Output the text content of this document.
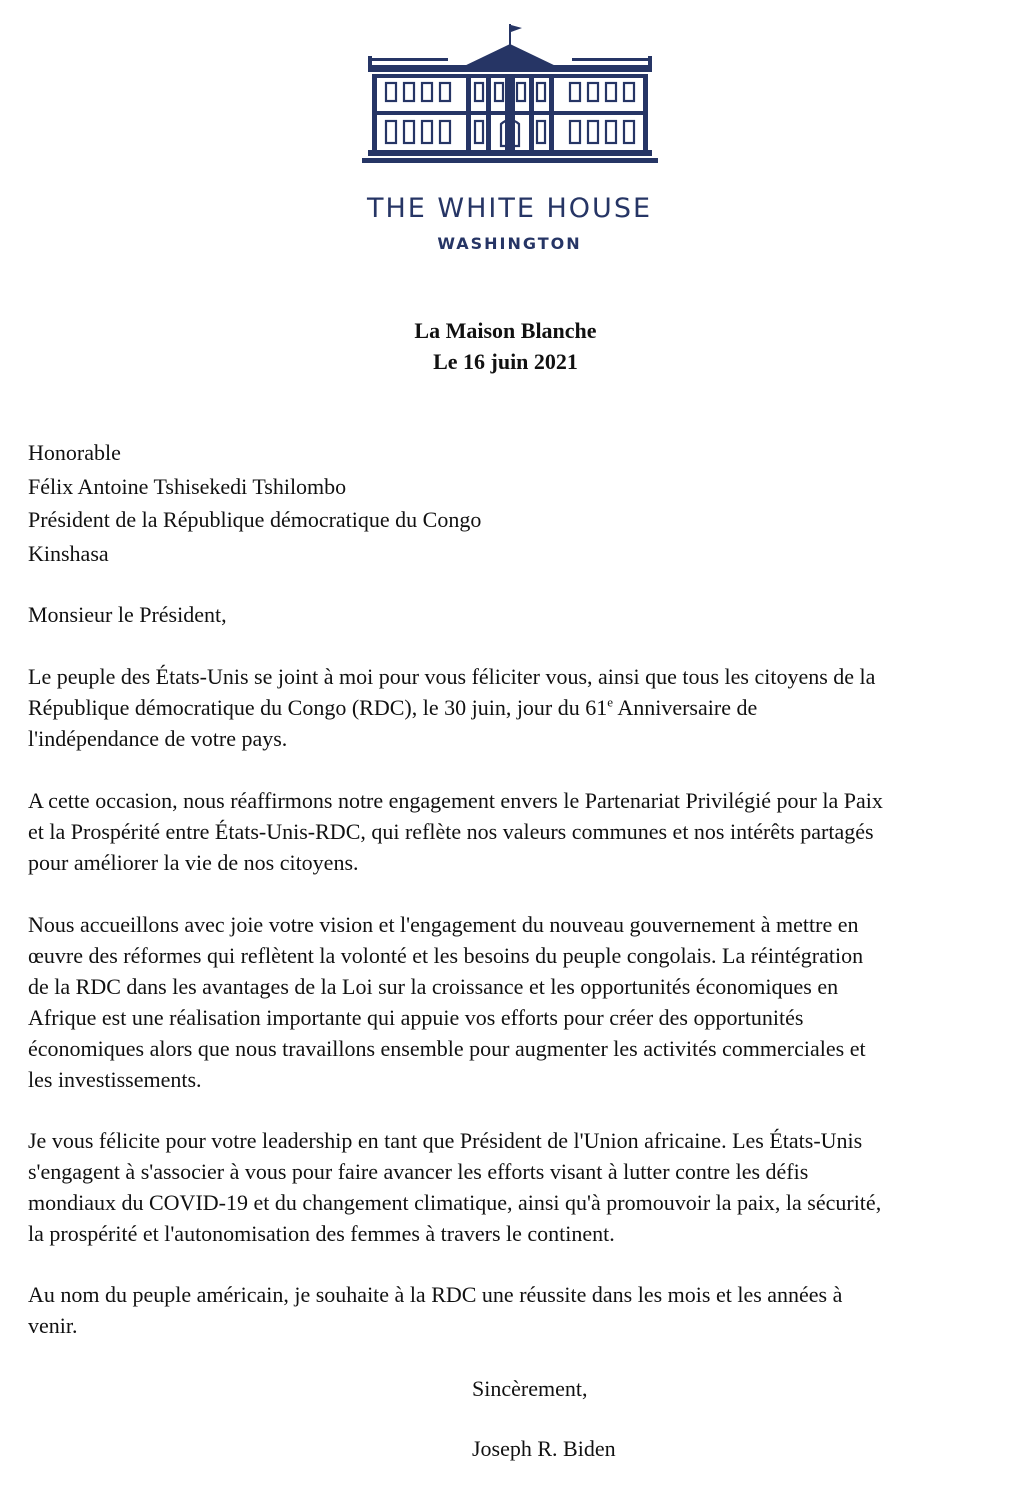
THE WHITE HOUSE
WASHINGTON
La Maison Blanche
Le 16 juin 2021
Honorable
Félix Antoine Tshisekedi Tshilombo
Président de la République démocratique du Congo
Kinshasa
Monsieur le Président,
Le peuple des États-Unis se joint à moi pour vous féliciter vous, ainsi que tous les citoyens de la
République démocratique du Congo (RDC), le 30 juin, jour du 61e Anniversaire de
l'indépendance de votre pays.
A cette occasion, nous réaffirmons notre engagement envers le Partenariat Privilégié pour la Paix
et la Prospérité entre États-Unis-RDC, qui reflète nos valeurs communes et nos intérêts partagés
pour améliorer la vie de nos citoyens.
Nous accueillons avec joie votre vision et l'engagement du nouveau gouvernement à mettre en
œuvre des réformes qui reflètent la volonté et les besoins du peuple congolais. La réintégration
de la RDC dans les avantages de la Loi sur la croissance et les opportunités économiques en
Afrique est une réalisation importante qui appuie vos efforts pour créer des opportunités
économiques alors que nous travaillons ensemble pour augmenter les activités commerciales et
les investissements.
Je vous félicite pour votre leadership en tant que Président de l'Union africaine. Les États-Unis
s'engagent à s'associer à vous pour faire avancer les efforts visant à lutter contre les défis
mondiaux du COVID-19 et du changement climatique, ainsi qu'à promouvoir la paix, la sécurité,
la prospérité et l'autonomisation des femmes à travers le continent.
Au nom du peuple américain, je souhaite à la RDC une réussite dans les mois et les années à
venir.
Sincèrement,
Joseph R. Biden
